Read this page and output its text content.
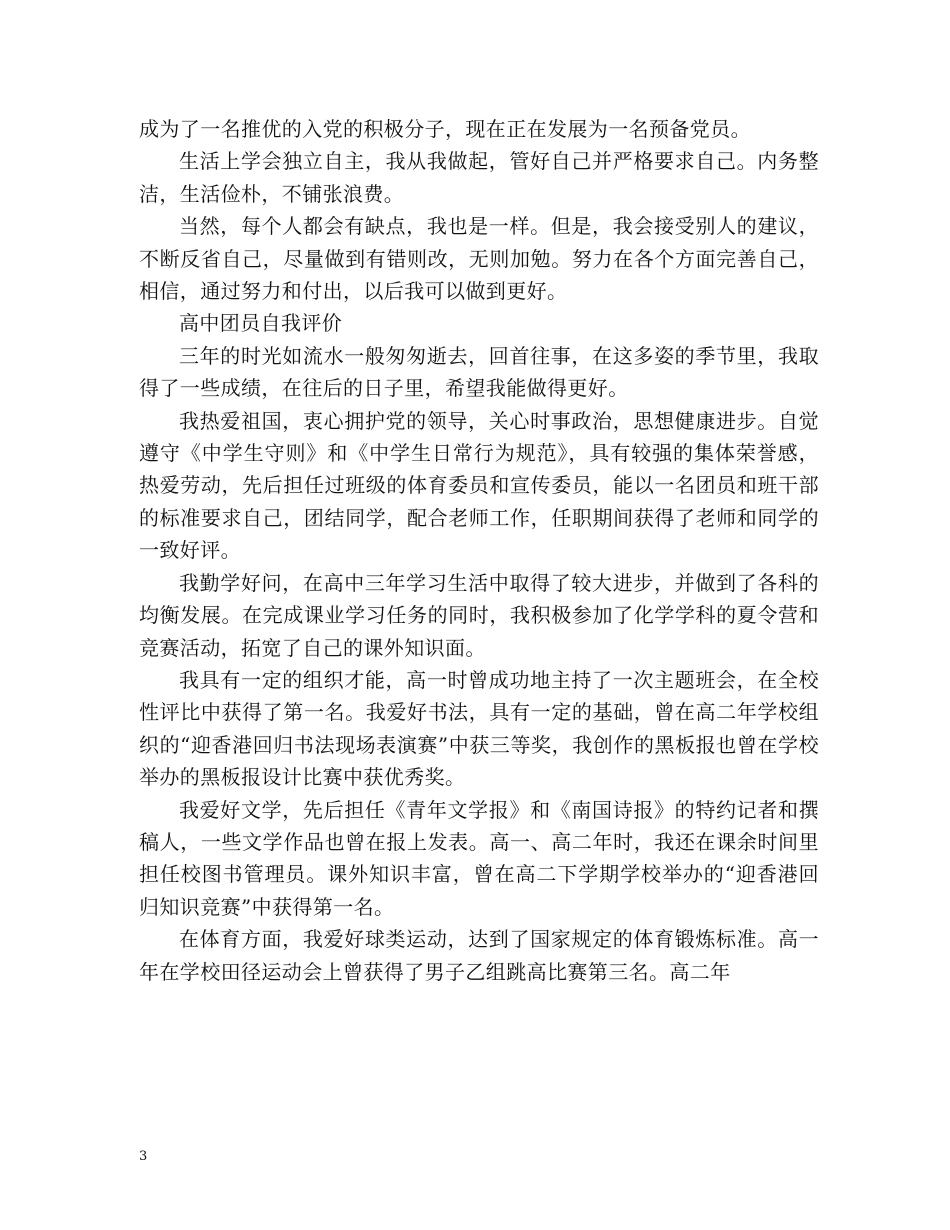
成为了一名推优的入党的积极分子，现在正在发展为一名预备党员。

生活上学会独立自主，我从我做起，管好自己并严格要求自己。内务整洁，生活俭朴，不铺张浪费。

当然，每个人都会有缺点，我也是一样。但是，我会接受别人的建议，不断反省自己，尽量做到有错则改，无则加勉。努力在各个方面完善自己，相信，通过努力和付出，以后我可以做到更好。

高中团员自我评价

三年的时光如流水一般匆匆逝去，回首往事，在这多姿的季节里，我取得了一些成绩，在往后的日子里，希望我能做得更好。

我热爱祖国，衷心拥护党的领导，关心时事政治，思想健康进步。自觉遵守《中学生守则》和《中学生日常行为规范》，具有较强的集体荣誉感，热爱劳动，先后担任过班级的体育委员和宣传委员，能以一名团员和班干部的标准要求自己，团结同学，配合老师工作，任职期间获得了老师和同学的一致好评。

我勤学好问，在高中三年学习生活中取得了较大进步，并做到了各科的均衡发展。在完成课业学习任务的同时，我积极参加了化学学科的夏令营和竞赛活动，拓宽了自己的课外知识面。

我具有一定的组织才能，高一时曾成功地主持了一次主题班会，在全校性评比中获得了第一名。我爱好书法，具有一定的基础，曾在高二年学校组织的“迎香港回归书法现场表演赛”中获三等奖，我创作的黑板报也曾在学校举办的黑板报设计比赛中获优秀奖。

我爱好文学，先后担任《青年文学报》和《南国诗报》的特约记者和撰稿人，一些文学作品也曾在报上发表。高一、高二年时，我还在课余时间里担任校图书管理员。课外知识丰富，曾在高二下学期学校举办的“迎香港回归知识竞赛”中获得第一名。

在体育方面，我爱好球类运动，达到了国家规定的体育锻炼标准。高一年在学校田径运动会上曾获得了男子乙组跳高比赛第三名。高二年

3
